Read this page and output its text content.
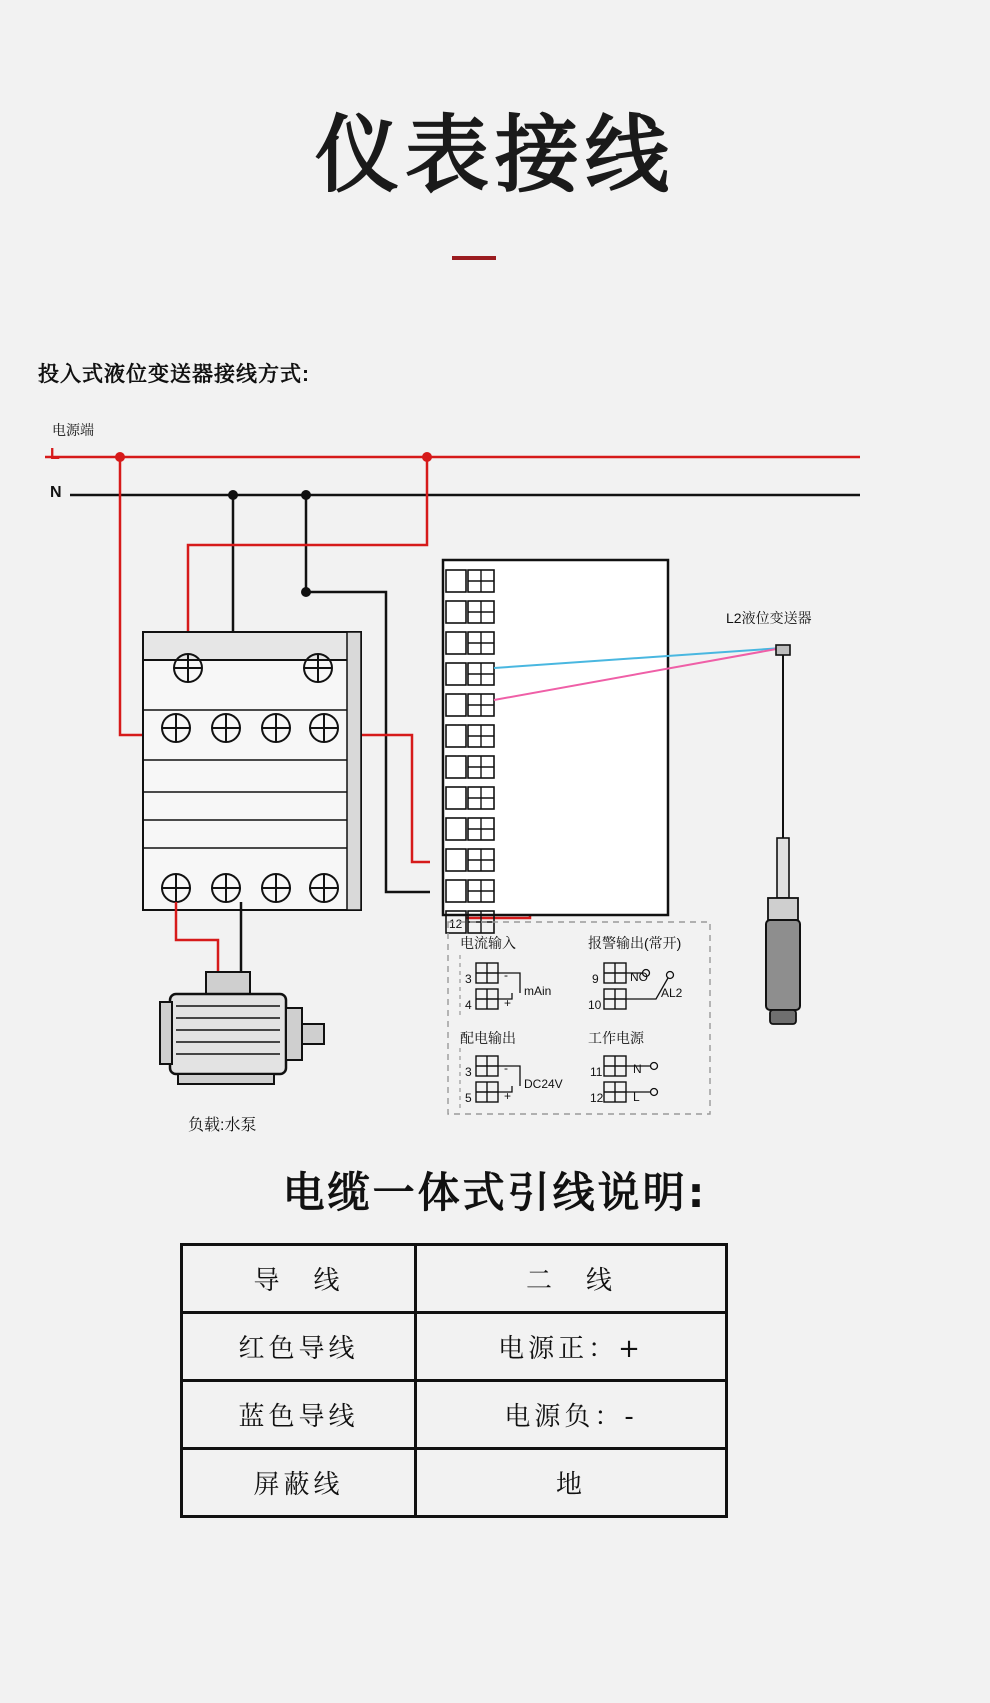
仪表接线
投入式液位变送器接线方式:
电源端
L
N
负载:水泵
L2液位变送器
电流输入	报警输出(常开)
配电输出	工作电源
3
4
-
+
mAin
3
5
-
+
DC24V
9
10
NO
AL2
11
12
N
L
12
电缆一体式引线说明:
导　线	二　线
红色导线	电源正：+
蓝色导线	电源负：-
屏蔽线	地
